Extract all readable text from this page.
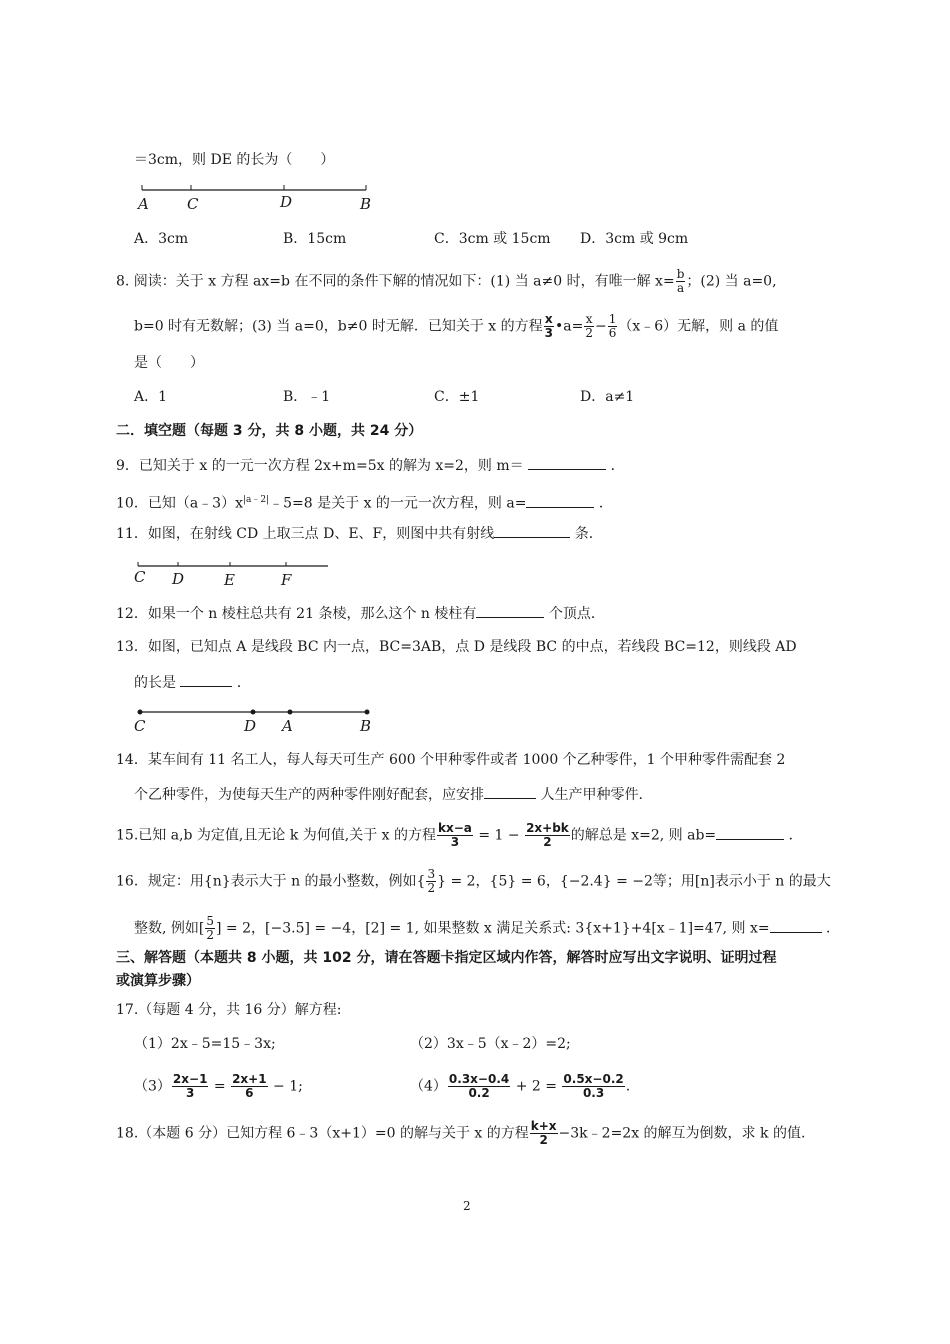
＝3cm，则 DE 的长为（　　）
A	C	D	B
A．3cm	B．15cm	C．3cm 或 15cm D．3cm 或 9cm
8. 阅读：关于 x 方程 ax=b 在不同的条件下解的情况如下：(1) 当 a≠0 时，有唯一解 $x= \frac{b}{a}$ ；(2) 当 a=0,
b=0 时有无数解；(3) 当 a=0，b≠0 时无解．已知关于 x 的方程 $\frac{x}{3}$ •a= $\frac{x}{2} - \frac{1}{6}$ （x﹣6）无解，则 a 的值
是（　　）
A．1	B．﹣1	C．±1	D．a≠1
二．填空题（每题 3 分，共 8 小题，共 24 分）
9．已知关于 x 的一元一次方程 2x+m=5x 的解为 x=2，则 m＝	．
10．已知$(a﹣3)x^{|a﹣2|}﹣5=8$ 是关于 x 的一元一次方程，则 a=	．
11．如图，在射线 CD 上取三点 D、E、F，则图中共有射线	条．
C D	E	F
12．如果一个 n 棱柱总共有 21 条棱，那么这个 n 棱柱有	个顶点．
13．如图，已知点 A 是线段 BC 内一点，BC=3AB，点 D 是线段 BC 的中点，若线段 BC=12，则线段 AD
的长是	．
C	D A	B
14．某车间有 11 名工人，每人每天可生产 600 个甲种零件或者 1000 个乙种零件，1 个甲种零件需配套 2
个乙种零件，为使每天生产的两种零件刚好配套，应安排	人生产甲种零件.
15.已知 a,b 为定值,且无论 k 为何值,关于 x 的方程 $\frac{kx-a}{3} = 1 - \frac{2x+bk}{2}$ 的解总是 x=2, 则 ab=	．
16．规定：用{n}表示大于 n 的最小整数，例如{ $\frac{3}{2}$ } = 2，{5} = 6，{−2.4} = −2等；用[n]表示小于 n 的最大
整数, 例如[ $\frac{5}{2}$ ] = 2，[−3.5] = −4，[2] = 1, 如果整数 x 满足关系式: 3{x+1}+4[x﹣1]=47, 则 x=	．
三、解答题（本题共 8 小题，共 102 分，请在答题卡指定区域内作答，解答时应写出文字说明、证明过程
或演算步骤）
17.（每题 4 分，共 16 分）解方程:
（1）2x﹣5=15﹣3x;	（2）3x﹣5（x﹣2）=2;
$(3) \frac{2x-1}{3} = \frac{2x+1}{6} - 1$;	$(4) \frac{0.3x-0.4}{0.2} + 2 = \frac{0.5x-0.2}{0.3}$ .
18.（本题 6 分）已知方程 6﹣3（x+1）=0 的解与关于 x 的方程 $\frac{k+x}{2}$ −3k﹣2=2x 的解互为倒数，求 k 的值.
2
